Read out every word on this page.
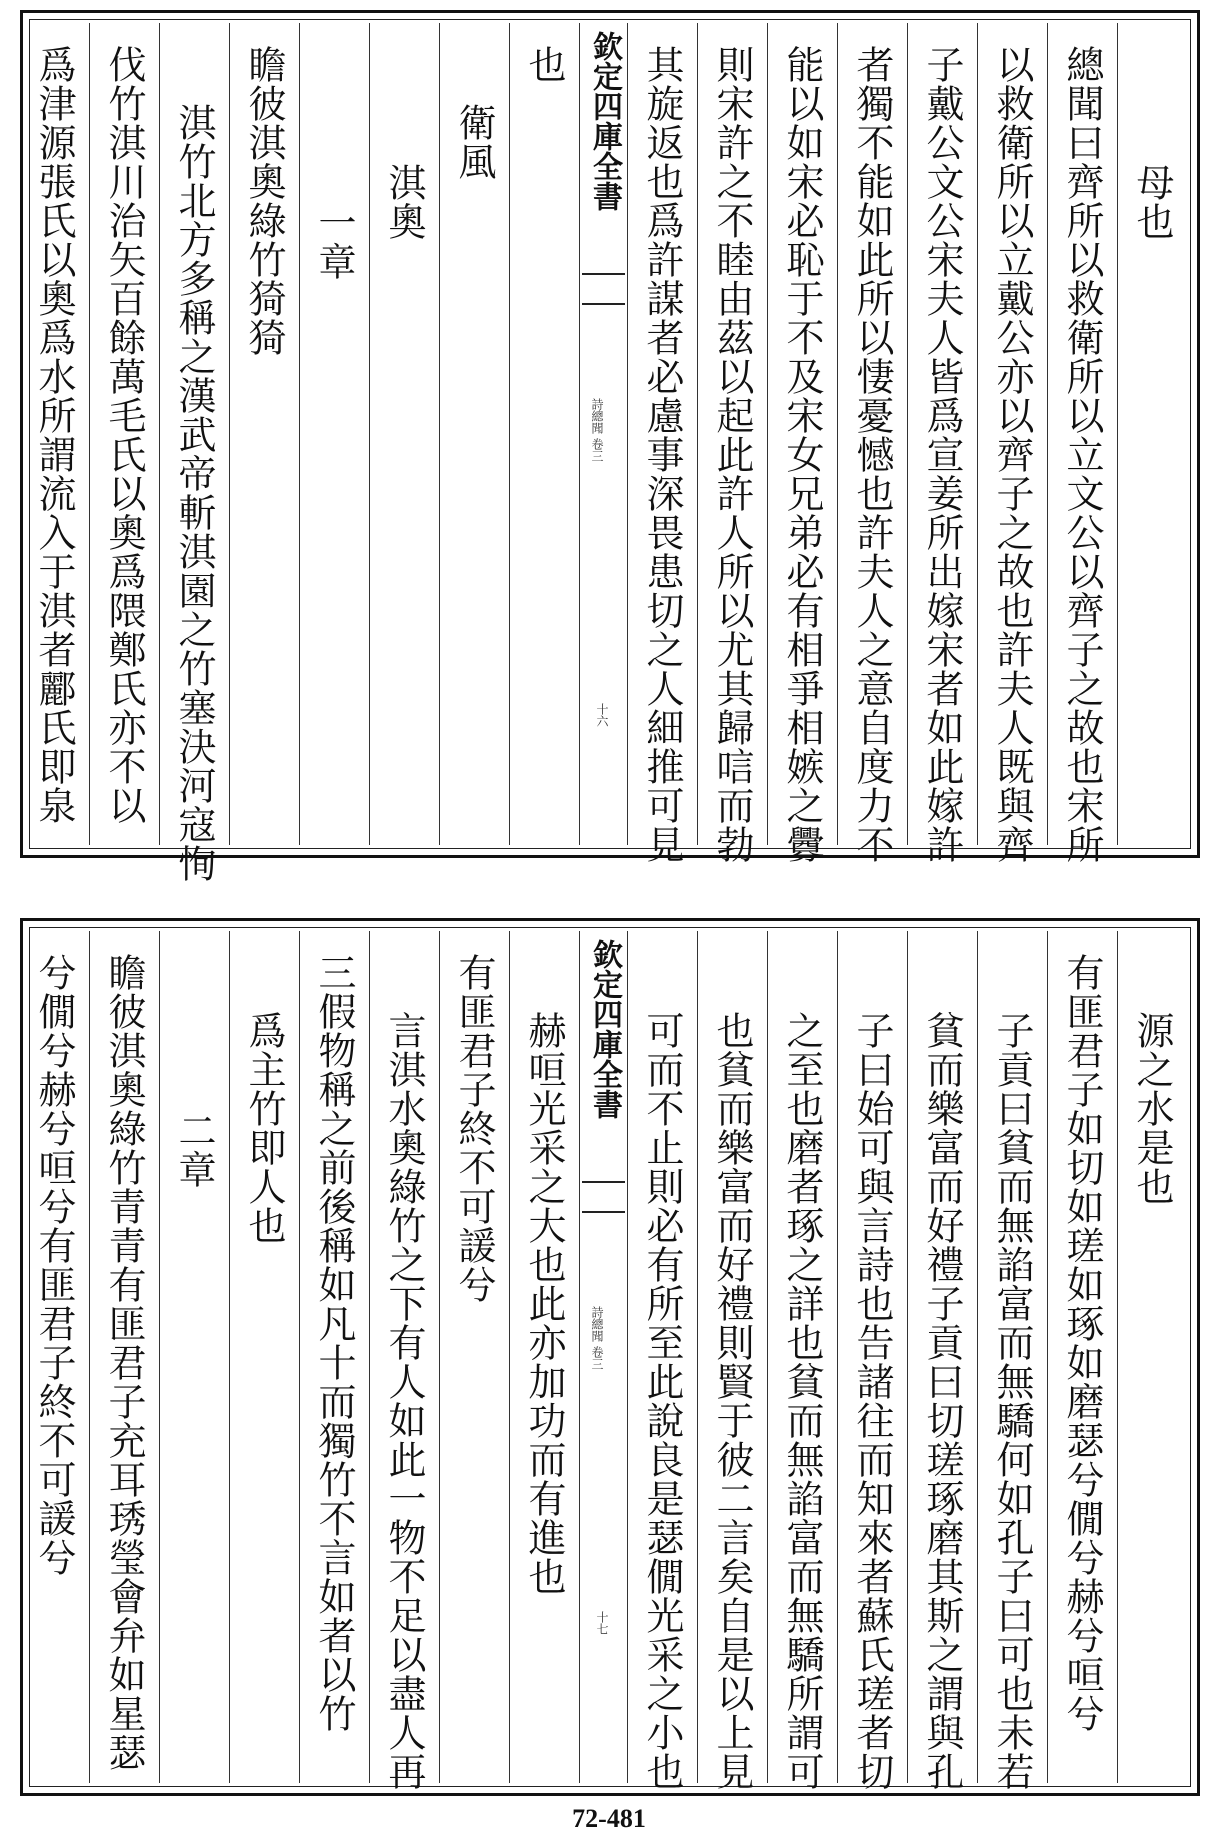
母也
總聞曰齊所以救衛所以立文公以齊子之故也宋所
以救衛所以立戴公亦以齊子之故也許夫人既與齊
子戴公文公宋夫人皆爲宣姜所出嫁宋者如此嫁許
者獨不能如此所以悽憂憾也許夫人之意自度力不
能以如宋必恥于不及宋女兄弟必有相爭相嫉之釁
則宋許之不睦由茲以起此許人所以尤其歸唁而勃
其旋返也爲許謀者必慮事深畏患切之人細推可見
欽定四庫全書
詩總聞 卷三
十六
也
衛風
淇奧
一章
瞻彼淇奧綠竹猗猗
淇竹北方多稱之漢武帝斬淇園之竹塞決河寇恂
伐竹淇川治矢百餘萬毛氏以奧爲隈鄭氏亦不以
爲津源張氏以奧爲水所謂流入于淇者酈氏即泉
源之水是也
有匪君子如切如瑳如琢如磨瑟兮僩兮赫兮咺兮
子貢曰貧而無諂富而無驕何如孔子曰可也未若
貧而樂富而好禮子貢曰切瑳琢磨其斯之謂與孔
子曰始可與言詩也告諸往而知來者蘇氏瑳者切
之至也磨者琢之詳也貧而無諂富而無驕所謂可
也貧而樂富而好禮則賢于彼二言矣自是以上見
可而不止則必有所至此說良是瑟僩光采之小也
欽定四庫全書
詩總聞 卷三
十七
赫咺光采之大也此亦加功而有進也
有匪君子終不可諼兮
言淇水奧綠竹之下有人如此一物不足以盡人再
三假物稱之前後稱如凡十而獨竹不言如者以竹
爲主竹即人也
二章
瞻彼淇奧綠竹青青有匪君子充耳琇瑩會弁如星瑟
兮僩兮赫兮咺兮有匪君子終不可諼兮
72-481
